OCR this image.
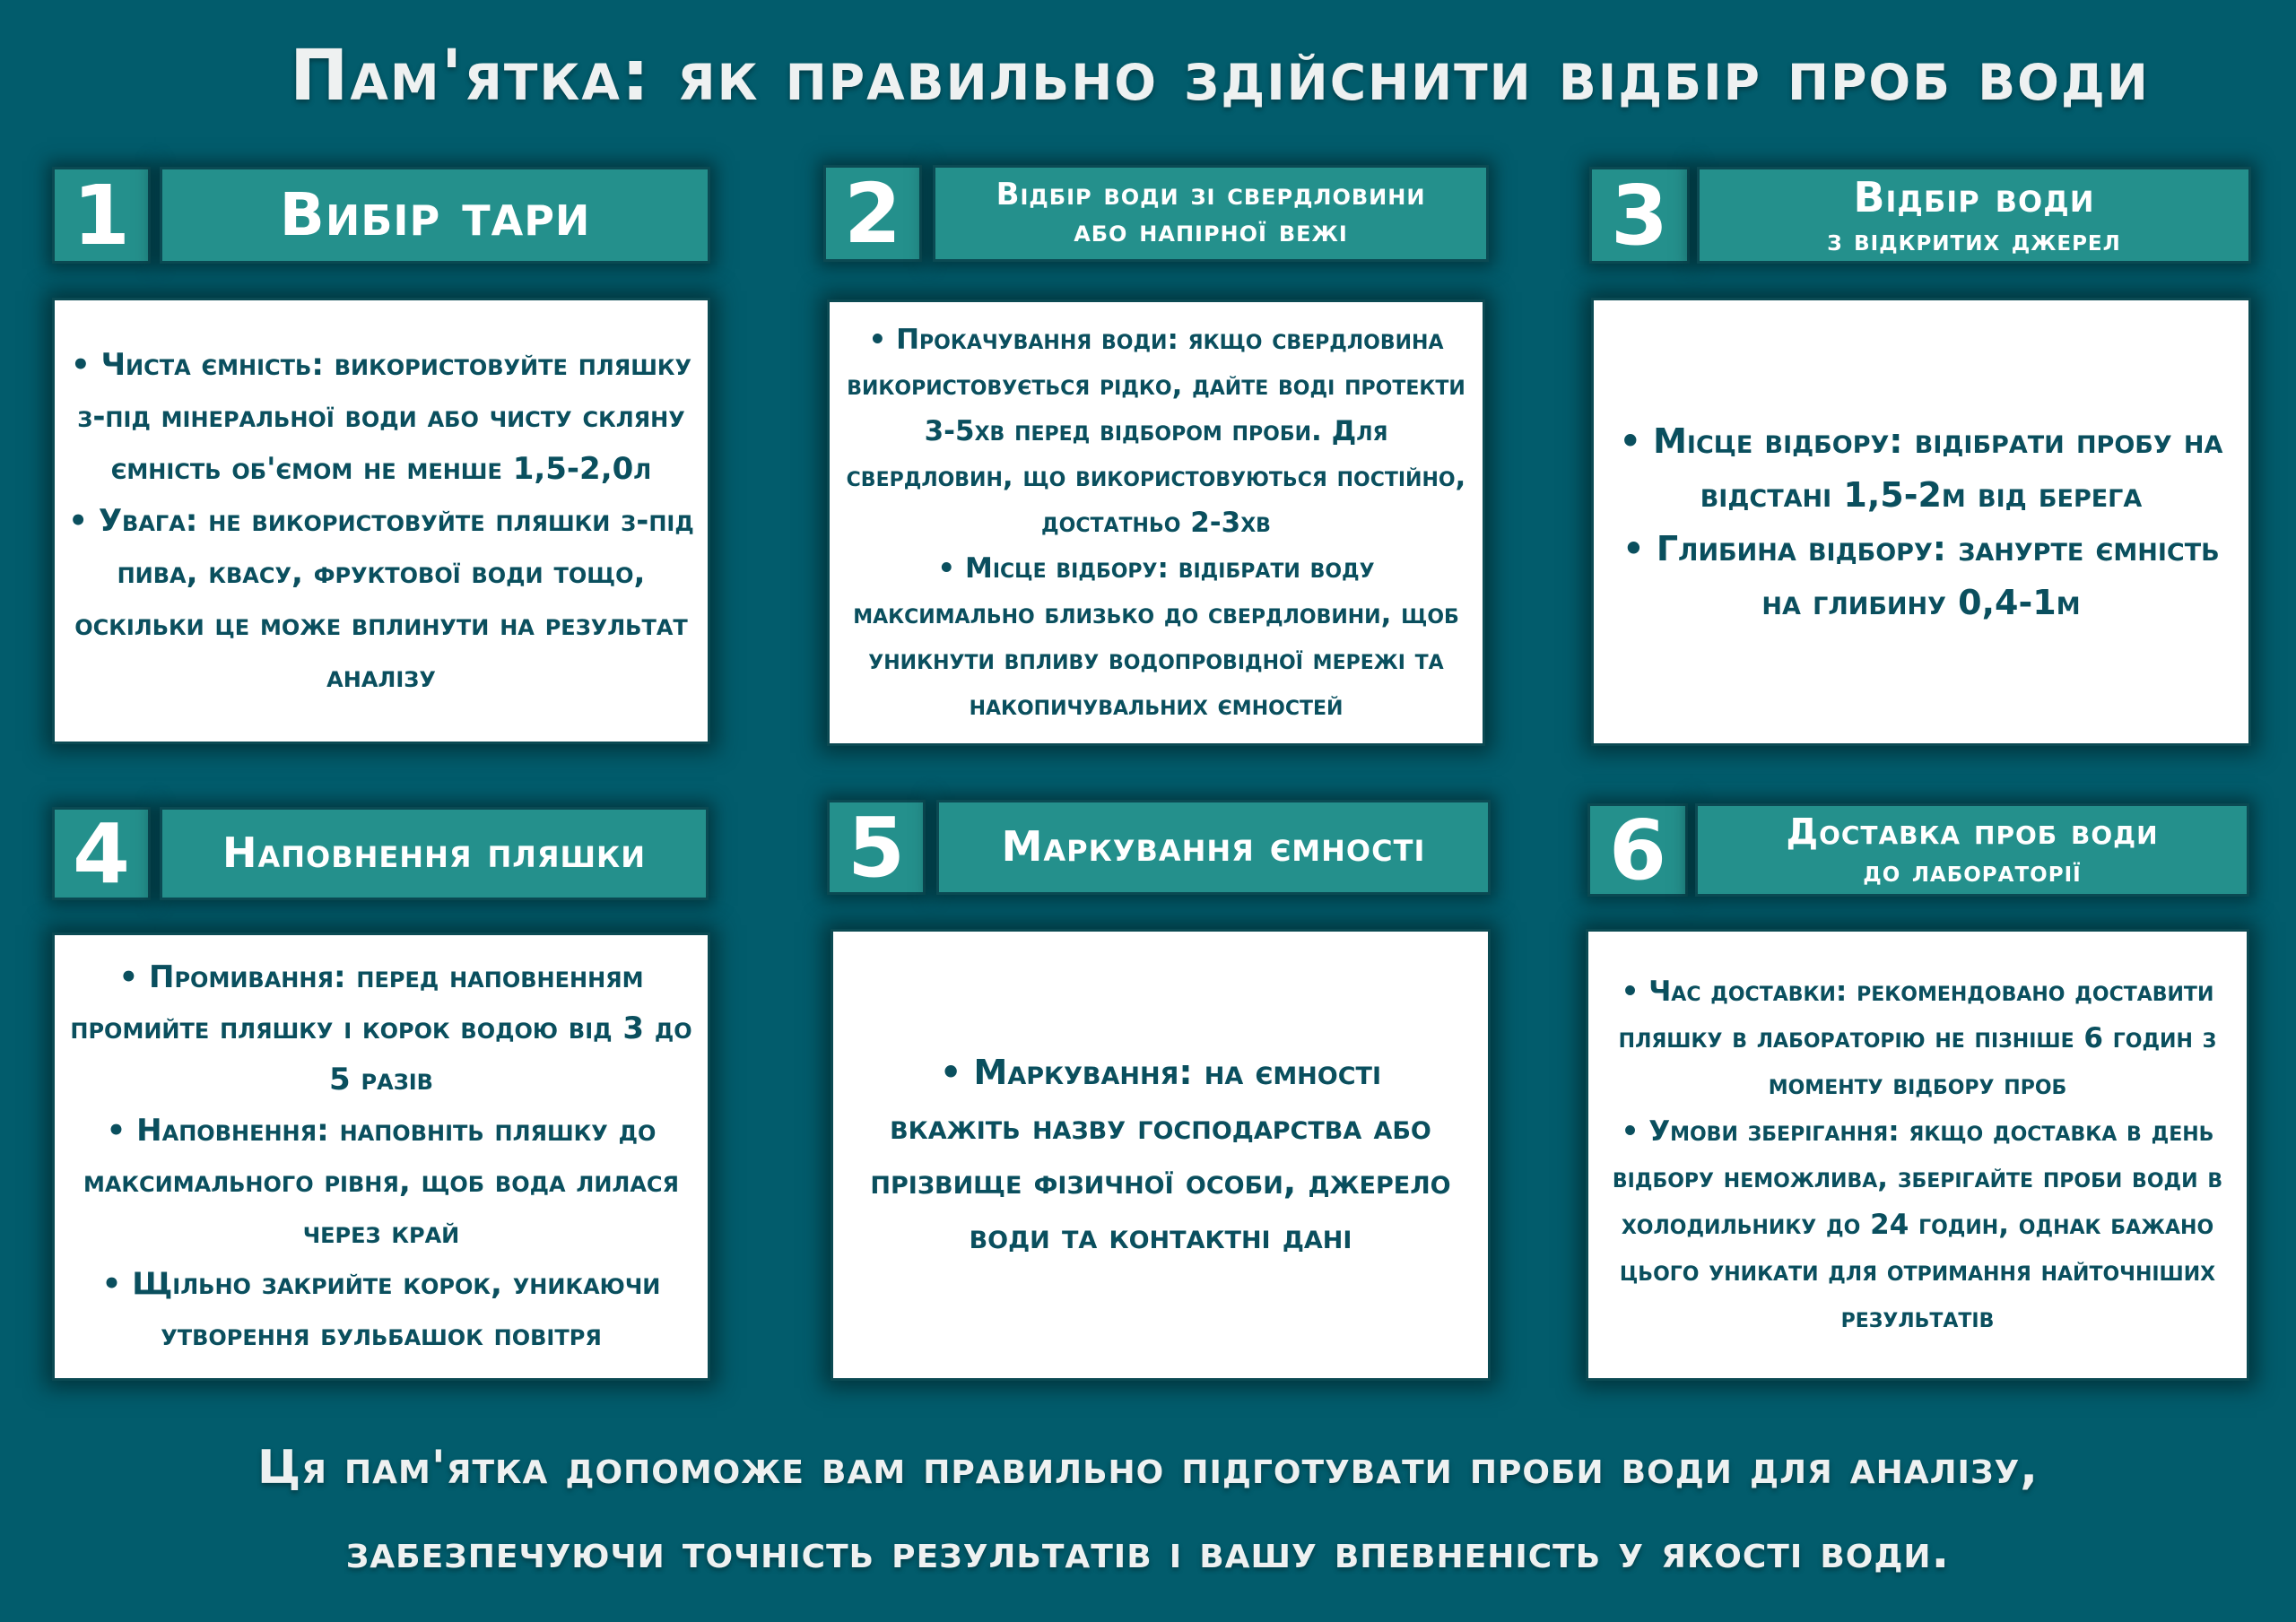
Пам'ятка: як правильно здійснити відбір проб води
1	Вибір тари

• Чиста ємність: використовуйте пляшку з-під мінеральної води або чисту скляну ємність об'ємом не менше 1,5-2,0л

• Увага: не використовуйте пляшки з-під пива, квасу, фруктової води тощо, оскільки це може вплинути на результат аналізу

2	Відбір води зі свердловини
або напірної вежі

• Прокачування води: якщо свердловина використовується рідко, дайте воді протекти 3-5хв перед відбором проби. Для свердловин, що використовуються постійно, достатньо 2-3хв

• Місце відбору: відібрати воду максимально близько до свердловини, щоб уникнути впливу водопровідної мережі та накопичувальних ємностей

3	Відбір води
з відкритих джерел

• Місце відбору: відібрати пробу на відстані 1,5-2м від берега

• Глибина відбору: занурте ємність на глибину 0,4-1м

4	Наповнення пляшки

• Промивання: перед наповненням промийте пляшку і корок водою від 3 до 5 разів

• Наповнення: наповніть пляшку до максимального рівня, щоб вода лилася через край

• Щільно закрийте корок, уникаючи утворення бульбашок повітря

5	Маркування ємності

• Маркування: на ємності вкажіть назву господарства або прізвище фізичної особи, джерело води та контактні дані

6	Доставка проб води
до лабораторії

• Час доставки: рекомендовано доставити пляшку в лабораторію не пізніше 6 годин з моменту відбору проб

• Умови зберігання: якщо доставка в день відбору неможлива, зберігайте проби води в холодильнику до 24 годин, однак бажано цього уникати для отримання найточніших результатів

Ця пам'ятка допоможе вам правильно підготувати проби води для аналізу,
забезпечуючи точність результатів і вашу впевненість у якості води.
